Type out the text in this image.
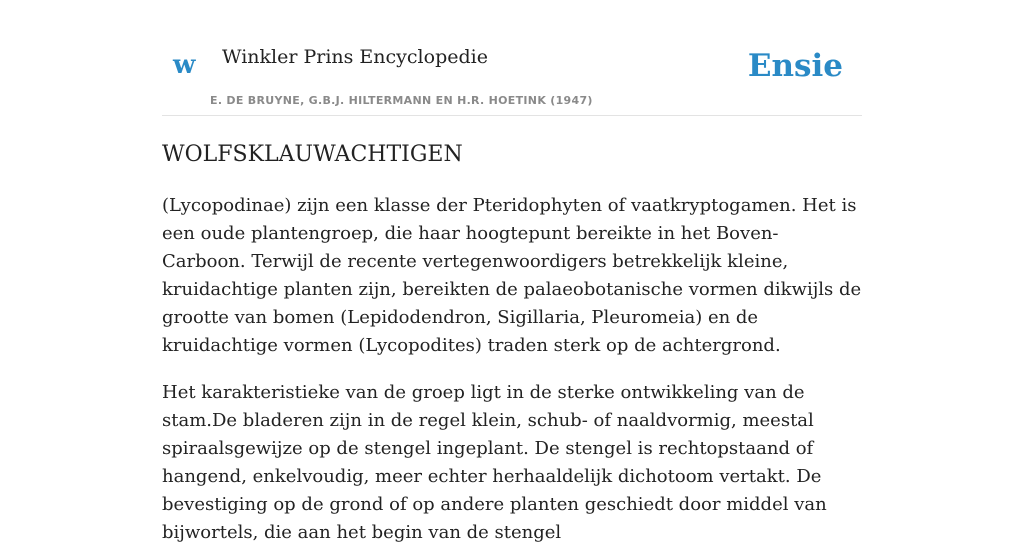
w Winkler Prins Encyclopedie
E. DE BRUYNE, G.B.J. HILTERMANN EN H.R. HOETINK (1947)
Ensie
WOLFSKLAUWACHTIGEN

(Lycopodinae) zijn een klasse der Pteridophyten of vaatkryptogamen. Het is een oude plantengroep, die haar hoogtepunt bereikte in het Boven-Carboon. Terwijl de recente vertegenwoordigers betrekkelijk kleine, kruidachtige planten zijn, bereikten de palaeobotanische vormen dikwijls de grootte van bomen (Lepidodendron, Sigillaria, Pleuromeia) en de kruidachtige vormen (Lycopodites) traden sterk op de achtergrond.

Het karakteristieke van de groep ligt in de sterke ontwikkeling van de stam.De bladeren zijn in de regel klein, schub- of naaldvormig, meestal spiraalsgewijze op de stengel ingeplant. De stengel is rechtopstaand of hangend, enkelvoudig, meer echter herhaaldelijk dichotoom vertakt. De bevestiging op de grond of op andere planten geschiedt door middel van bijwortels, die aan het begin van de stengel
